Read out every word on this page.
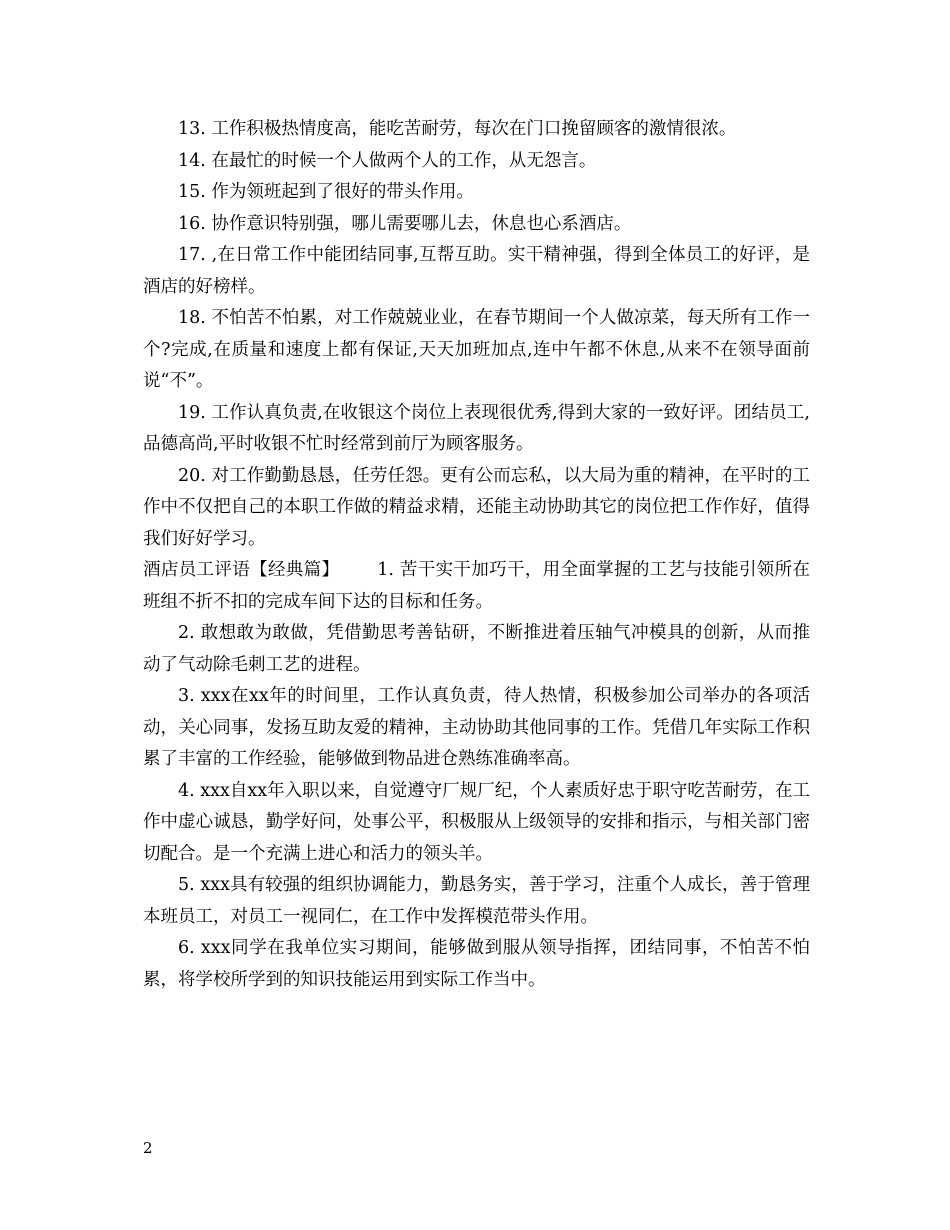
13. 工作积极热情度高，能吃苦耐劳，每次在门口挽留顾客的激情很浓。

14. 在最忙的时候一个人做两个人的工作，从无怨言。

15. 作为领班起到了很好的带头作用。

16. 协作意识特别强，哪儿需要哪儿去，休息也心系酒店。

17. ,在日常工作中能团结同事,互帮互助。实干精神强，得到全体员工的好评，是酒店的好榜样。

18. 不怕苦不怕累，对工作兢兢业业，在春节期间一个人做凉菜，每天所有工作一个?完成,在质量和速度上都有保证,天天加班加点,连中午都不休息,从来不在领导面前说“不”。

19. 工作认真负责,在收银这个岗位上表现很优秀,得到大家的一致好评。团结员工,品德高尚,平时收银不忙时经常到前厅为顾客服务。

20. 对工作勤勤恳恳，任劳任怨。更有公而忘私，以大局为重的精神，在平时的工作中不仅把自己的本职工作做的精益求精，还能主动协助其它的岗位把工作作好，值得我们好好学习。

酒店员工评语【经典篇】 1. 苦干实干加巧干，用全面掌握的工艺与技能引领所在班组不折不扣的完成车间下达的目标和任务。

2. 敢想敢为敢做，凭借勤思考善钻研，不断推进着压轴气冲模具的创新，从而推动了气动除毛刺工艺的进程。

3. xxx在xx年的时间里，工作认真负责，待人热情，积极参加公司举办的各项活动，关心同事，发扬互助友爱的精神，主动协助其他同事的工作。凭借几年实际工作积累了丰富的工作经验，能够做到物品进仓熟练准确率高。

4. xxx自xx年入职以来，自觉遵守厂规厂纪，个人素质好忠于职守吃苦耐劳，在工作中虚心诚恳，勤学好问，处事公平，积极服从上级领导的安排和指示，与相关部门密切配合。是一个充满上进心和活力的领头羊。

5. xxx具有较强的组织协调能力，勤恳务实，善于学习，注重个人成长，善于管理本班员工，对员工一视同仁，在工作中发挥模范带头作用。

6. xxx同学在我单位实习期间，能够做到服从领导指挥，团结同事，不怕苦不怕累，将学校所学到的知识技能运用到实际工作当中。

2
